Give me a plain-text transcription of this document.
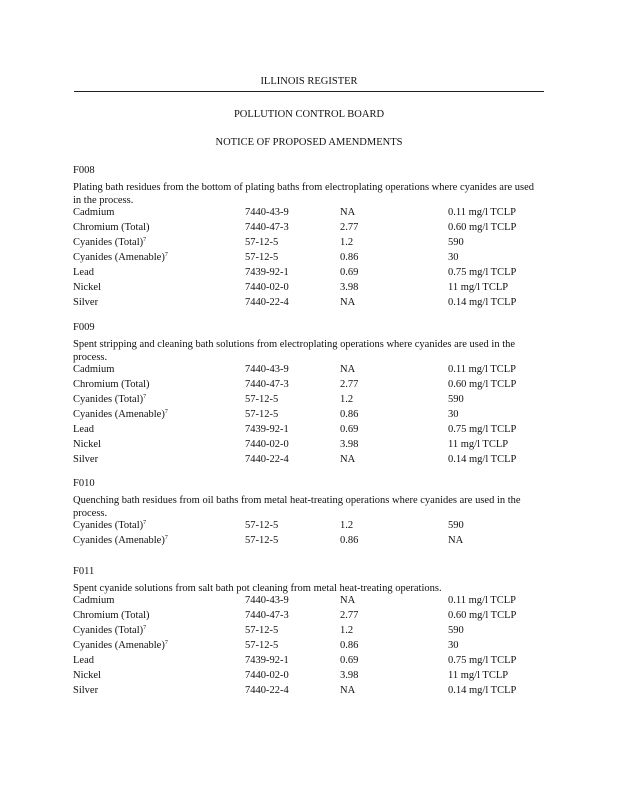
ILLINOIS REGISTER
POLLUTION CONTROL BOARD
NOTICE OF PROPOSED AMENDMENTS
F008
Plating bath residues from the bottom of plating baths from electroplating operations where cyanides are used in the process.
Cadmium	7440-43-9	NA	0.11 mg/l TCLP
Chromium (Total)	7440-47-3	2.77	0.60 mg/l TCLP
Cyanides (Total)$^7$	57-12-5	1.2	590
Cyanides (Amenable)$^7$	57-12-5	0.86	30
Lead	7439-92-1	0.69	0.75 mg/l TCLP
Nickel	7440-02-0	3.98	11 mg/l TCLP
Silver	7440-22-4	NA	0.14 mg/l TCLP
F009
Spent stripping and cleaning bath solutions from electroplating operations where cyanides are used in the process.
Cadmium	7440-43-9	NA	0.11 mg/l TCLP
Chromium (Total)	7440-47-3	2.77	0.60 mg/l TCLP
Cyanides (Total)$^7$	57-12-5	1.2	590
Cyanides (Amenable)$^7$	57-12-5	0.86	30
Lead	7439-92-1	0.69	0.75 mg/l TCLP
Nickel	7440-02-0	3.98	11 mg/l TCLP
Silver	7440-22-4	NA	0.14 mg/l TCLP
F010
Quenching bath residues from oil baths from metal heat-treating operations where cyanides are used in the process.
Cyanides (Total)$^7$	57-12-5	1.2	590
Cyanides (Amenable)$^7$	57-12-5	0.86	NA
F011
Spent cyanide solutions from salt bath pot cleaning from metal heat-treating operations.
Cadmium	7440-43-9	NA	0.11 mg/l TCLP
Chromium (Total)	7440-47-3	2.77	0.60 mg/l TCLP
Cyanides (Total)$^7$	57-12-5	1.2	590
Cyanides (Amenable)$^7$	57-12-5	0.86	30
Lead	7439-92-1	0.69	0.75 mg/l TCLP
Nickel	7440-02-0	3.98	11 mg/l TCLP
Silver	7440-22-4	NA	0.14 mg/l TCLP
